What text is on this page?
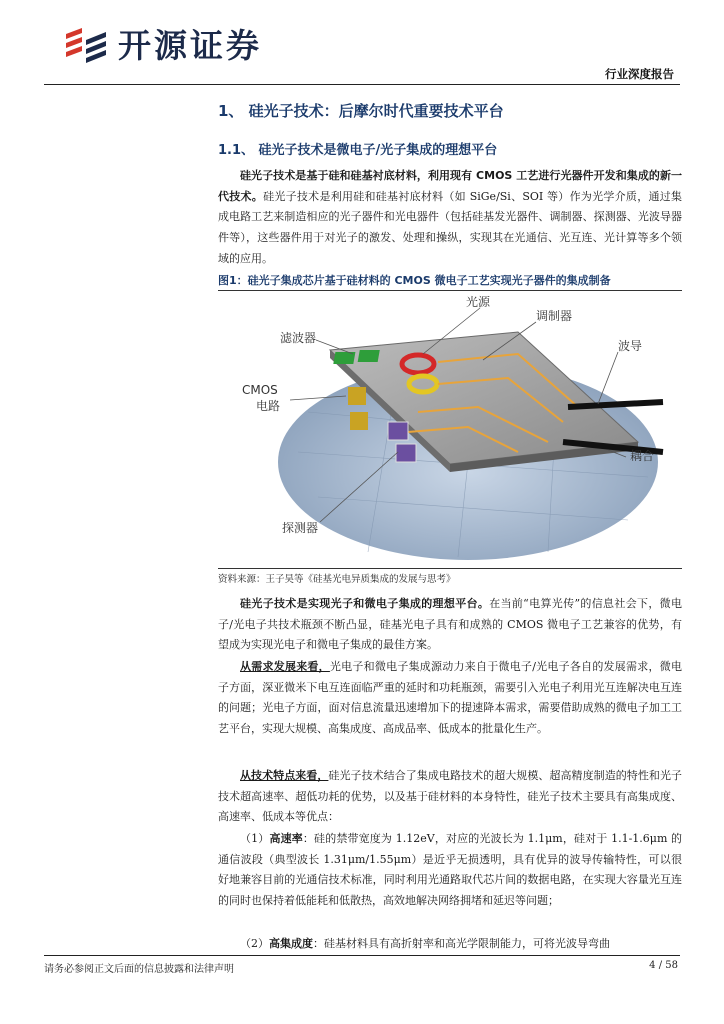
开源证券
行业深度报告
1、 硅光子技术：后摩尔时代重要技术平台
1.1、 硅光子技术是微电子/光子集成的理想平台
硅光子技术是基于硅和硅基衬底材料，利用现有 CMOS 工艺进行光器件开发和集成的新一代技术。硅光子技术是利用硅和硅基衬底材料（如 SiGe/Si、SOI 等）作为光学介质，通过集成电路工艺来制造相应的光子器件和光电器件（包括硅基发光器件、调制器、探测器、光波导器件等），这些器件用于对光子的激发、处理和操纵，实现其在光通信、光互连、光计算等多个领域的应用。
图1：硅光子集成芯片基于硅材料的 CMOS 微电子工艺实现光子器件的集成制备
滤波器
光源
调制器
波导
CMOS
电路
耦合
探测器
资料来源：王子昊等《硅基光电异质集成的发展与思考》
硅光子技术是实现光子和微电子集成的理想平台。在当前“电算光传”的信息社会下，微电子/光电子共技术瓶颈不断凸显，硅基光电子具有和成熟的 CMOS 微电子工艺兼容的优势，有望成为实现光电子和微电子集成的最佳方案。
从需求发展来看，光电子和微电子集成源动力来自于微电子/光电子各自的发展需求，微电子方面，深亚微米下电互连面临严重的延时和功耗瓶颈，需要引入光电子利用光互连解决电互连的问题；光电子方面，面对信息流量迅速增加下的提速降本需求，需要借助成熟的微电子加工工艺平台，实现大规模、高集成度、高成品率、低成本的批量化生产。
从技术特点来看，硅光子技术结合了集成电路技术的超大规模、超高精度制造的特性和光子技术超高速率、超低功耗的优势，以及基于硅材料的本身特性，硅光子技术主要具有高集成度、高速率、低成本等优点：
（1）高速率：硅的禁带宽度为 1.12eV，对应的光波长为 1.1μm，硅对于 1.1-1.6μm 的通信波段（典型波长 1.31μm/1.55μm）是近乎无损透明，具有优异的波导传输特性，可以很好地兼容目前的光通信技术标准，同时利用光通路取代芯片间的数据电路，在实现大容量光互连的同时也保持着低能耗和低散热，高效地解决网络拥堵和延迟等问题；
（2）高集成度：硅基材料具有高折射率和高光学限制能力，可将光波导弯曲
请务必参阅正文后面的信息披露和法律声明	4 / 58
